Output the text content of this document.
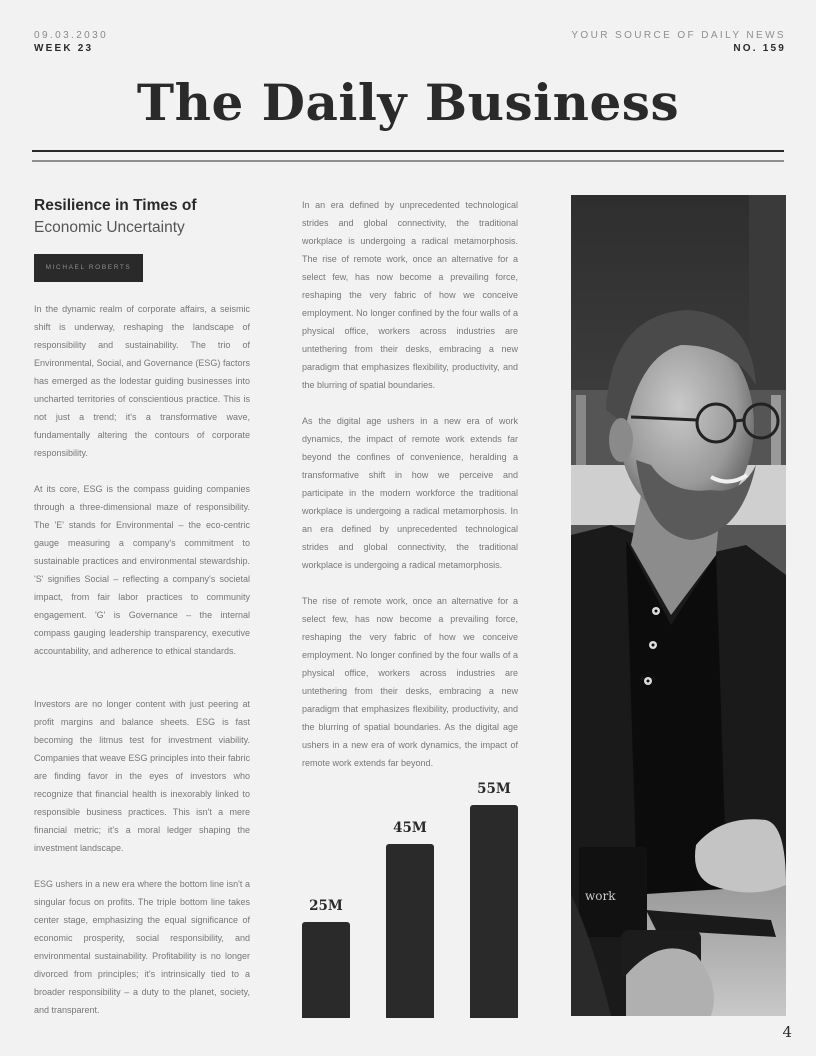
09.03.2030
WEEK 23
YOUR SOURCE OF DAILY NEWS
NO. 159
The Daily Business
Resilience in Times of
Economic Uncertainty
MICHAEL ROBERTS

In the dynamic realm of corporate affairs, a seismic shift is underway, reshaping the landscape of responsibility and sustainability. The trio of Environmental, Social, and Governance (ESG) factors has emerged as the lodestar guiding businesses into uncharted territories of conscientious practice. This is not just a trend; it's a transformative wave, fundamentally altering the contours of corporate responsibility.

At its core, ESG is the compass guiding companies through a three-dimensional maze of responsibility. The 'E' stands for Environmental – the eco-centric gauge measuring a company's commitment to sustainable practices and environmental stewardship. 'S' signifies Social – reflecting a company's societal impact, from fair labor practices to community engagement. 'G' is Governance – the internal compass gauging leadership transparency, executive accountability, and adherence to ethical standards.

Investors are no longer content with just peering at profit margins and balance sheets. ESG is fast becoming the litmus test for investment viability. Companies that weave ESG principles into their fabric are finding favor in the eyes of investors who recognize that financial health is inexorably linked to responsible business practices. This isn't a mere financial metric; it's a moral ledger shaping the investment landscape.

ESG ushers in a new era where the bottom line isn't a singular focus on profits. The triple bottom line takes center stage, emphasizing the equal significance of economic prosperity, social responsibility, and environmental sustainability. Profitability is no longer divorced from principles; it's intrinsically tied to a broader responsibility – a duty to the planet, society, and transparent.

In an era defined by unprecedented technological strides and global connectivity, the traditional workplace is undergoing a radical metamorphosis. The rise of remote work, once an alternative for a select few, has now become a prevailing force, reshaping the very fabric of how we conceive employment. No longer confined by the four walls of a physical office, workers across industries are untethering from their desks, embracing a new paradigm that emphasizes flexibility, productivity, and the blurring of spatial boundaries.

As the digital age ushers in a new era of work dynamics, the impact of remote work extends far beyond the confines of convenience, heralding a transformative shift in how we perceive and participate in the modern workforce the traditional workplace is undergoing a radical metamorphosis. In an era defined by unprecedented technological strides and global connectivity, the traditional workplace is undergoing a radical metamorphosis.

The rise of remote work, once an alternative for a select few, has now become a prevailing force, reshaping the very fabric of how we conceive employment. No longer confined by the four walls of a physical office, workers across industries are untethering from their desks, embracing a new paradigm that emphasizes flexibility, productivity, and the blurring of spatial boundaries. As the digital age ushers in a new era of work dynamics, the impact of remote work extends far beyond.

25M
45M
55M
work
4
